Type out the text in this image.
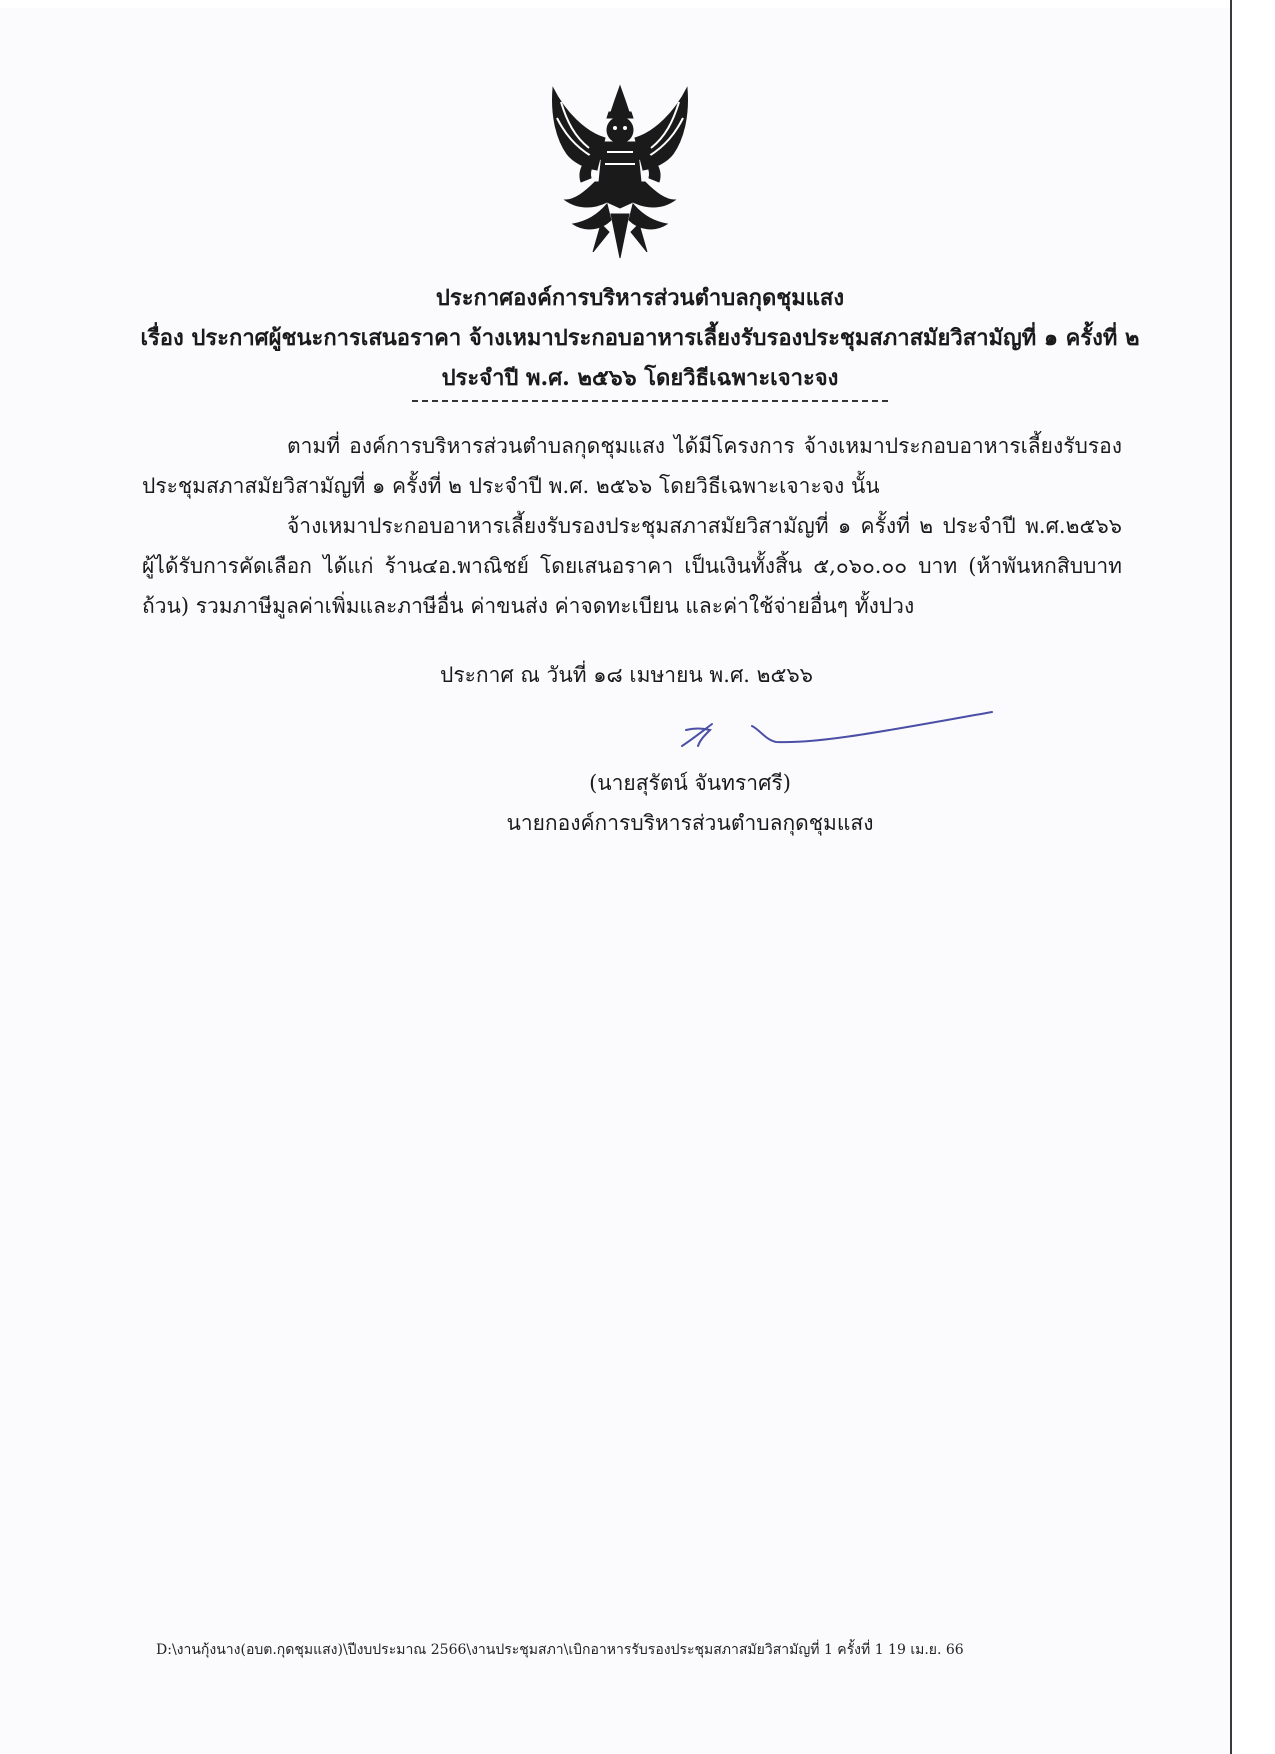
ประกาศองค์การบริหารส่วนตำบลกุดชุมแสง
เรื่อง ประกาศผู้ชนะการเสนอราคา จ้างเหมาประกอบอาหารเลี้ยงรับรองประชุมสภาสมัยวิสามัญที่ ๑ ครั้งที่ ๒
ประจำปี พ.ศ. ๒๕๖๖ โดยวิธีเฉพาะเจาะจง
ตามที่ องค์การบริหารส่วนตำบลกุดชุมแสง ได้มีโครงการ จ้างเหมาประกอบอาหารเลี้ยงรับรองประชุมสภาสมัยวิสามัญที่ ๑ ครั้งที่ ๒ ประจำปี พ.ศ. ๒๕๖๖ โดยวิธีเฉพาะเจาะจง นั้น
จ้างเหมาประกอบอาหารเลี้ยงรับรองประชุมสภาสมัยวิสามัญที่ ๑ ครั้งที่ ๒ ประจำปี พ.ศ.๒๕๖๖ ผู้ได้รับการคัดเลือก ได้แก่ ร้าน๔อ.พาณิชย์ โดยเสนอราคา เป็นเงินทั้งสิ้น ๕,๐๖๐.๐๐ บาท (ห้าพันหกสิบบาทถ้วน) รวมภาษีมูลค่าเพิ่มและภาษีอื่น ค่าขนส่ง ค่าจดทะเบียน และค่าใช้จ่ายอื่นๆ ทั้งปวง
ประกาศ ณ วันที่ ๑๘ เมษายน พ.ศ. ๒๕๖๖
(นายสุรัตน์ จันทราศรี)
นายกองค์การบริหารส่วนตำบลกุดชุมแสง
D:\งานกุ้งนาง(อบต.กุดชุมแสง)\ปีงบประมาณ 2566\งานประชุมสภา\เบิกอาหารรับรองประชุมสภาสมัยวิสามัญที่ 1 ครั้งที่ 1 19 เม.ย. 66
